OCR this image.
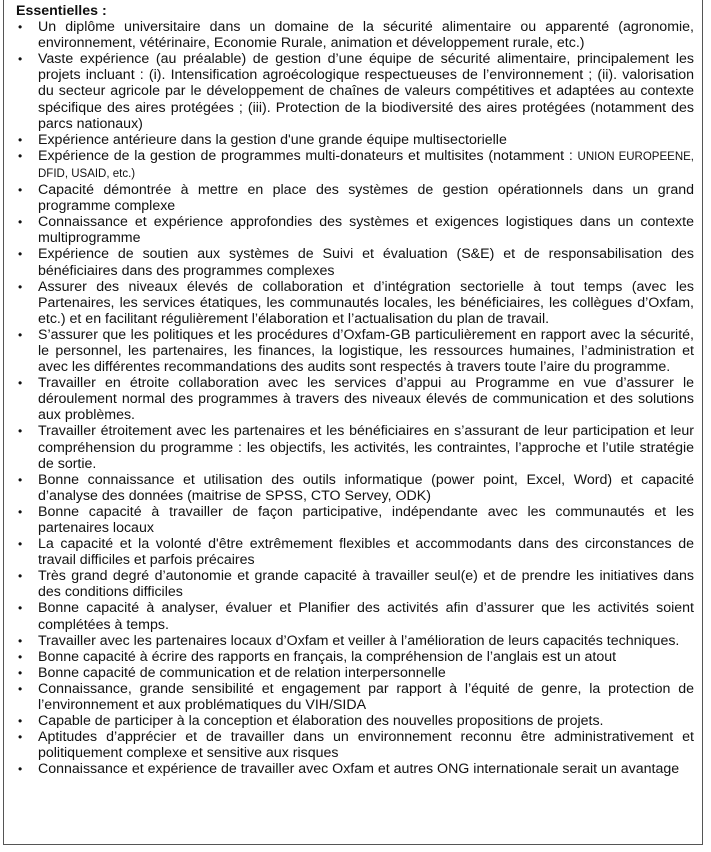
Essentielles :
• Un diplôme universitaire dans un domaine de la sécurité alimentaire ou apparenté (agronomie, environnement, vétérinaire, Economie Rurale, animation et développement rurale, etc.)
• Vaste expérience (au préalable) de gestion d’une équipe de sécurité alimentaire, principalement les projets incluant : (i). Intensification agroécologique respectueuses de l’environnement ; (ii). valorisation du secteur agricole par le développement de chaînes de valeurs compétitives et adaptées au contexte spécifique des aires protégées ; (iii). Protection de la biodiversité des aires protégées (notamment des parcs nationaux)
• Expérience antérieure dans la gestion d'une grande équipe multisectorielle
• Expérience de la gestion de programmes multi-donateurs et multisites (notamment : UNION EUROPEENE, DFID, USAID, etc.)
• Capacité démontrée à mettre en place des systèmes de gestion opérationnels dans un grand programme complexe
• Connaissance et expérience approfondies des systèmes et exigences logistiques dans un contexte multiprogramme
• Expérience de soutien aux systèmes de Suivi et évaluation (S&E) et de responsabilisation des bénéficiaires dans des programmes complexes
• Assurer des niveaux élevés de collaboration et d’intégration sectorielle à tout temps (avec les Partenaires, les services étatiques, les communautés locales, les bénéficiaires, les collègues d’Oxfam, etc.) et en facilitant régulièrement l’élaboration et l’actualisation du plan de travail.
• S’assurer que les politiques et les procédures d’Oxfam-GB particulièrement en rapport avec la sécurité, le personnel, les partenaires, les finances, la logistique, les ressources humaines, l’administration et avec les différentes recommandations des audits sont respectés à travers toute l’aire du programme.
• Travailler en étroite collaboration avec les services d’appui au Programme en vue d’assurer le déroulement normal des programmes à travers des niveaux élevés de communication et des solutions aux problèmes.
• Travailler étroitement avec les partenaires et les bénéficiaires en s’assurant de leur participation et leur compréhension du programme : les objectifs, les activités, les contraintes, l’approche et l’utile stratégie de sortie.
• Bonne connaissance et utilisation des outils informatique (power point, Excel, Word) et capacité d’analyse des données (maitrise de SPSS, CTO Servey, ODK)
• Bonne capacité à travailler de façon participative, indépendante avec les communautés et les partenaires locaux
• La capacité et la volonté d'être extrêmement flexibles et accommodants dans des circonstances de travail difficiles et parfois précaires
• Très grand degré d’autonomie et grande capacité à travailler seul(e) et de prendre les initiatives dans des conditions difficiles
• Bonne capacité à analyser, évaluer et Planifier des activités afin d’assurer que les activités soient complétées à temps.
• Travailler avec les partenaires locaux d’Oxfam et veiller à l’amélioration de leurs capacités techniques.
• Bonne capacité à écrire des rapports en français, la compréhension de l’anglais est un atout
• Bonne capacité de communication et de relation interpersonnelle
• Connaissance, grande sensibilité et engagement par rapport à l’équité de genre, la protection de l’environnement et aux problématiques du VIH/SIDA
• Capable de participer à la conception et élaboration des nouvelles propositions de projets.
• Aptitudes d’apprécier et de travailler dans un environnement reconnu être administrativement et politiquement complexe et sensitive aux risques
• Connaissance et expérience de travailler avec Oxfam et autres ONG internationale serait un avantage
